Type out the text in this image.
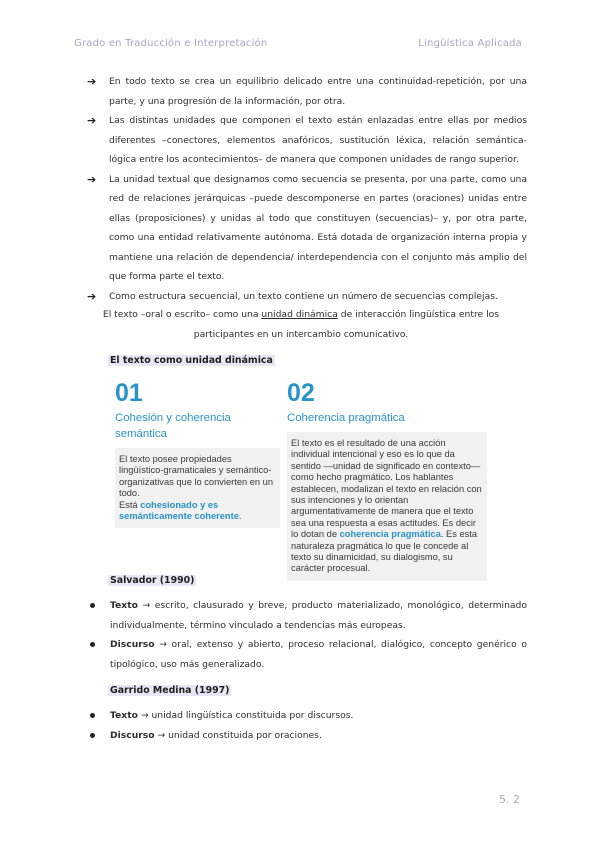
Grado en Traducción e Interpretación	Lingüística Aplicada
➔ En todo texto se crea un equilibrio delicado entre una continuidad-repetición, por una parte, y una progresión de la información, por otra.
➔ Las distintas unidades que componen el texto están enlazadas entre ellas por medios diferentes –conectores, elementos anafóricos, sustitución léxica, relación semántica-lógica entre los acontecimientos– de manera que componen unidades de rango superior.
➔ La unidad textual que designamos como secuencia se presenta, por una parte, como una red de relaciones jerárquicas –puede descomponerse en partes (oraciones) unidas entre ellas (proposiciones) y unidas al todo que constituyen (secuencias)– y, por otra parte, como una entidad relativamente autónoma. Está dotada de organización interna propia y mantiene una relación de dependencia/ interdependencia con el conjunto más amplio del que forma parte el texto.
➔ Como estructura secuencial, un texto contiene un número de secuencias complejas.
El texto –oral o escrito– como una unidad dinámica de interacción lingüística entre los participantes en un intercambio comunicativo.
El texto como unidad dinámica
01
Cohesión y coherencia semántica
El texto posee propiedades lingüístico-gramaticales y semántico-organizativas que lo convierten en un todo.
Está cohesionado y es semánticamente coherente.
02
Coherencia pragmática
El texto es el resultado de una acción individual intencional y eso es lo que da sentido —unidad de significado en contexto— como hecho pragmático. Los hablantes establecen, modalizan el texto en relación con sus intenciones y lo orientan argumentativamente de manera que el texto sea una respuesta a esas actitudes. Es decir lo dotan de coherencia pragmática. Es esta naturaleza pragmática lo que le concede al texto su dinamicidad, su dialogismo, su carácter procesual.
Salvador (1990)
Texto → escrito, clausurado y breve, producto materializado, monológico, determinado individualmente, término vinculado a tendencias más europeas.
Discurso → oral, extenso y abierto, proceso relacional, dialógico, concepto genérico o tipológico, uso más generalizado.
Garrido Medina (1997)
Texto → unidad lingüística constituida por discursos.
Discurso → unidad constituida por oraciones.
5. 2
